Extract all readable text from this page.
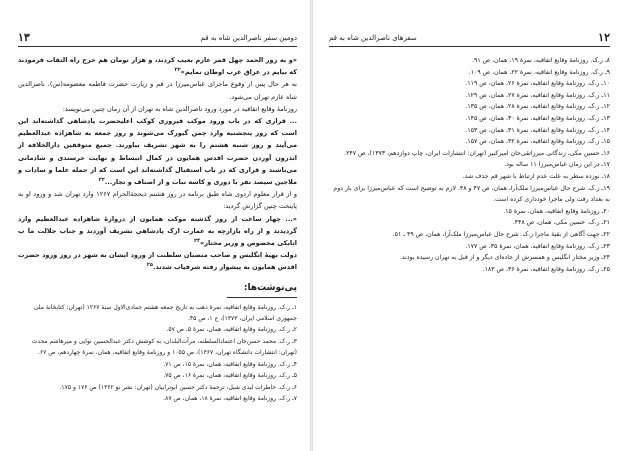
۱۳	دومین سفر ناصرالدین شاه به قم
«و به زور الحمد چهل قمر عازم بعیب کردند، و هزار تومان هم خرج راه التفات فرمودند که بیایم در عراق عرب اوطان نمایم»$^{۲۲}$
به هر حال پس از وقوع ماجرای عباس‌میرزا در قم و زیارت حضرت فاطمه معصومه(س)، ناصرالدین شاه عازم تهران می‌شود.
روزنامهٔ وقایع اتفاقیه در مورد ورود ناصرالدین شاه به تهران از آن زمان چنین می‌نویسد:
... قراری که در باب ورود موکب فیروزی کوکب اعلیحضرت پادشاهی گذاشته‌اند این است که روز پنجشنبه وارد چمن گیورک می‌شوند و روز جمعه به شاهزاده عبدالعظیم می‌آیند و روز شنبه هشتم را به شهر تشریف بیاورند. جمیع متوقفین دارالخلافه از اندرون آوردن حضرت اقدس همایون در کمال انبساط و نهایت خرسندی و شادمانی می‌باشند و قراری که در باب استقبال گذاشته‌اند این است که از جمله علما و سادات و ملاجین سیصد نفر با دوری و کاسه نبات و از اصناف و تجار...$^{۲۳}$
و از قرار معلوم اردوی شاه طبق برنامه در روز هشتم ذیحجةالحرام ۱۲۶۷ وارد تهران شد و ورود او به پایتخت چنین گزارش گردید:
«... چهار ساعت از روز گذشته موکب همایون از دروازهٔ شاهزاده عبدالعظیم وارد گردیدند و از راه بازارچه به عمارت ارک پادشاهی تشریف آوردند و جناب جلالت ما ب اتابکی مخصوص و وزیر مختار»$^{۲۴}$
دولت بهیهٔ انگلیس و صاحب منصبان سلطنت از ورود ایشان به شهر در روز ورود حضرت اقدس همایون به پیشواز رفته شرفیاب شدند.$^{۲۵}$
پی‌نوشت‌ها:
۱ـ ر.ک. روزنامهٔ وقایع اتفاقیه، نمرهٔ ذهب به تاریخ جمعه هشتم جمادی‌الاول سنهٔ ۱۲۶۷ (تهران: کتابخانهٔ ملی جمهوری اسلامی ایران، ۱۳۷۳)، ج ۱، ص ۴۵.
۲ـ ر.ک. روزنامهٔ وقایع اتفاقیه، همان، نمرهٔ ۵، ص ۵۷.
۳ـ ر.ک. محمد حسن‌خان اعتمادالسلطنه، مرآت‌البلدان، به کوشش دکتر عبدالحسین نوایی و میرهاشم محدث (تهران: انتشارات دانشگاه تهران، ۱۳۶۷)، ص ۱۰۵۵ و روزنامهٔ وقایع اتفاقیه، همان، نمرهٔ چهاردهم، ص ۶۷.
۴ـ ر.ک. روزنامهٔ وقایع اتفاقیه، همان، نمرهٔ ۱۵، ص ۷۱.
۵ـ ر.ک. روزنامهٔ وقایع اتفاقیه، همان، نمرهٔ ۱۶، ص ۷۵.
۶ـ ر.ک. خاطرات لیدی شیل، ترجمهٔ دکتر حسین ابوترابیان (تهران: نشر نو ۱۳۶۲) ص ۱۷۶ و ۱۷۵.
۷ـ ر.ک. روزنامهٔ وقایع اتفاقیه، نمرهٔ ۱۸، همان، ص ۸۷.
۱۲
سفرهای ناصرالدین شاه به قم
۸ـ ر.ک. روزنامهٔ وقایع اتفاقیه، نمرهٔ ۱۹، همان، ص ۹۱.
۹ـ ر.ک. روزنامهٔ وقایع اتفاقیه، نمرهٔ ۲۲، همان، ص ۱۰۹.
۱۰ـ ر.ک. روزنامهٔ وقایع اتفاقیه، نمرهٔ ۲۶، همان، ص ۱۱۹.
۱۱ـ ر.ک. روزنامهٔ وقایع اتفاقیه، نمرهٔ ۲۷، همان، ص ۱۲۹.
۱۲ـ ر.ک. روزنامهٔ وقایع اتفاقیه، نمرهٔ ۲۸، همان، ص ۱۳۵.
۱۳ـ ر.ک. روزنامهٔ وقایع اتفاقیه، نمرهٔ ۳۰، همان، ص ۱۴۵.
۱۴ـ ر.ک. روزنامهٔ وقایع اتفاقیه، نمرهٔ ۳۱، همان، ص ۱۵۳.
۱۵ـ ر.ک. روزنامهٔ وقایع اتفاقیه، نمرهٔ ۳۲، همان، ص ۱۵۷.
۱۶ـ حسین مکی، زندگانی میرزاتقی‌خان امیرکبیر (تهران: انتشارات ایران، چاپ دوازدهم، ۱۳۷۳)، ص ۲۴۷.
۱۷ـ در این زمان عباس‌میرزا ۱۱ ساله بود.
۱۸ـ نوزده سطر به علت عدم ارتباط با شهر قم حذف شد.
۱۹ـ ر.ک. شرح حال عباس‌میرزا ملک‌آرا، همان، ص ۴۷ و ۴۸. لازم به توضیح است که عباس‌میرزا برای بار دوم به بغداد رفت ولی ماجرا خودداری کرده است.
۲۰ـ روزنامهٔ وقایع اتفاقیه، همان، نمرهٔ ۱۵.
۲۱ـ ر.ک. حسین مکی، همان، ص ۴۴۸.
۲۲ـ جهت آگاهی از بقیهٔ ماجرا ر.ک. شرح حال عباس‌میرزا ملک‌آرا، همان، ص ۴۹ ـ ۵۱.
۲۳ـ ر.ک. روزنامهٔ وقایع اتفاقیه، همان، نمرهٔ ۳۵، ص ۱۷۷.
۲۴ـ وزیر مختار انگلیس و همسرش از جاده‌ای دیگر و از قبل به تهران رسیده بودند.
۲۵ـ ر.ک. روزنامهٔ وقایع اتفاقیه، نمرهٔ ۳۶، ص ۱۸۳.
